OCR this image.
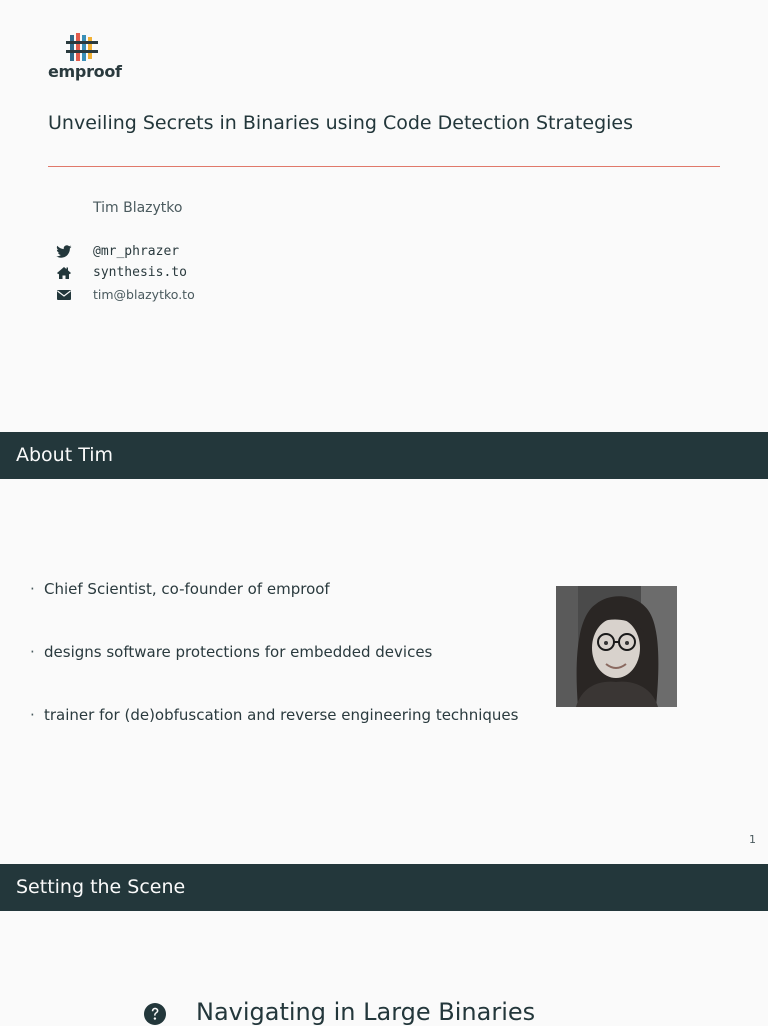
emproof
Unveiling Secrets in Binaries using Code Detection Strategies
Tim Blazytko
@mr_phrazer
synthesis.to
tim@blazytko.to
About Tim
· Chief Scientist, co-founder of emproof
· designs software protections for embedded devices
· trainer for (de)obfuscation and reverse engineering techniques
1
Setting the Scene
Navigating in Large Binaries
